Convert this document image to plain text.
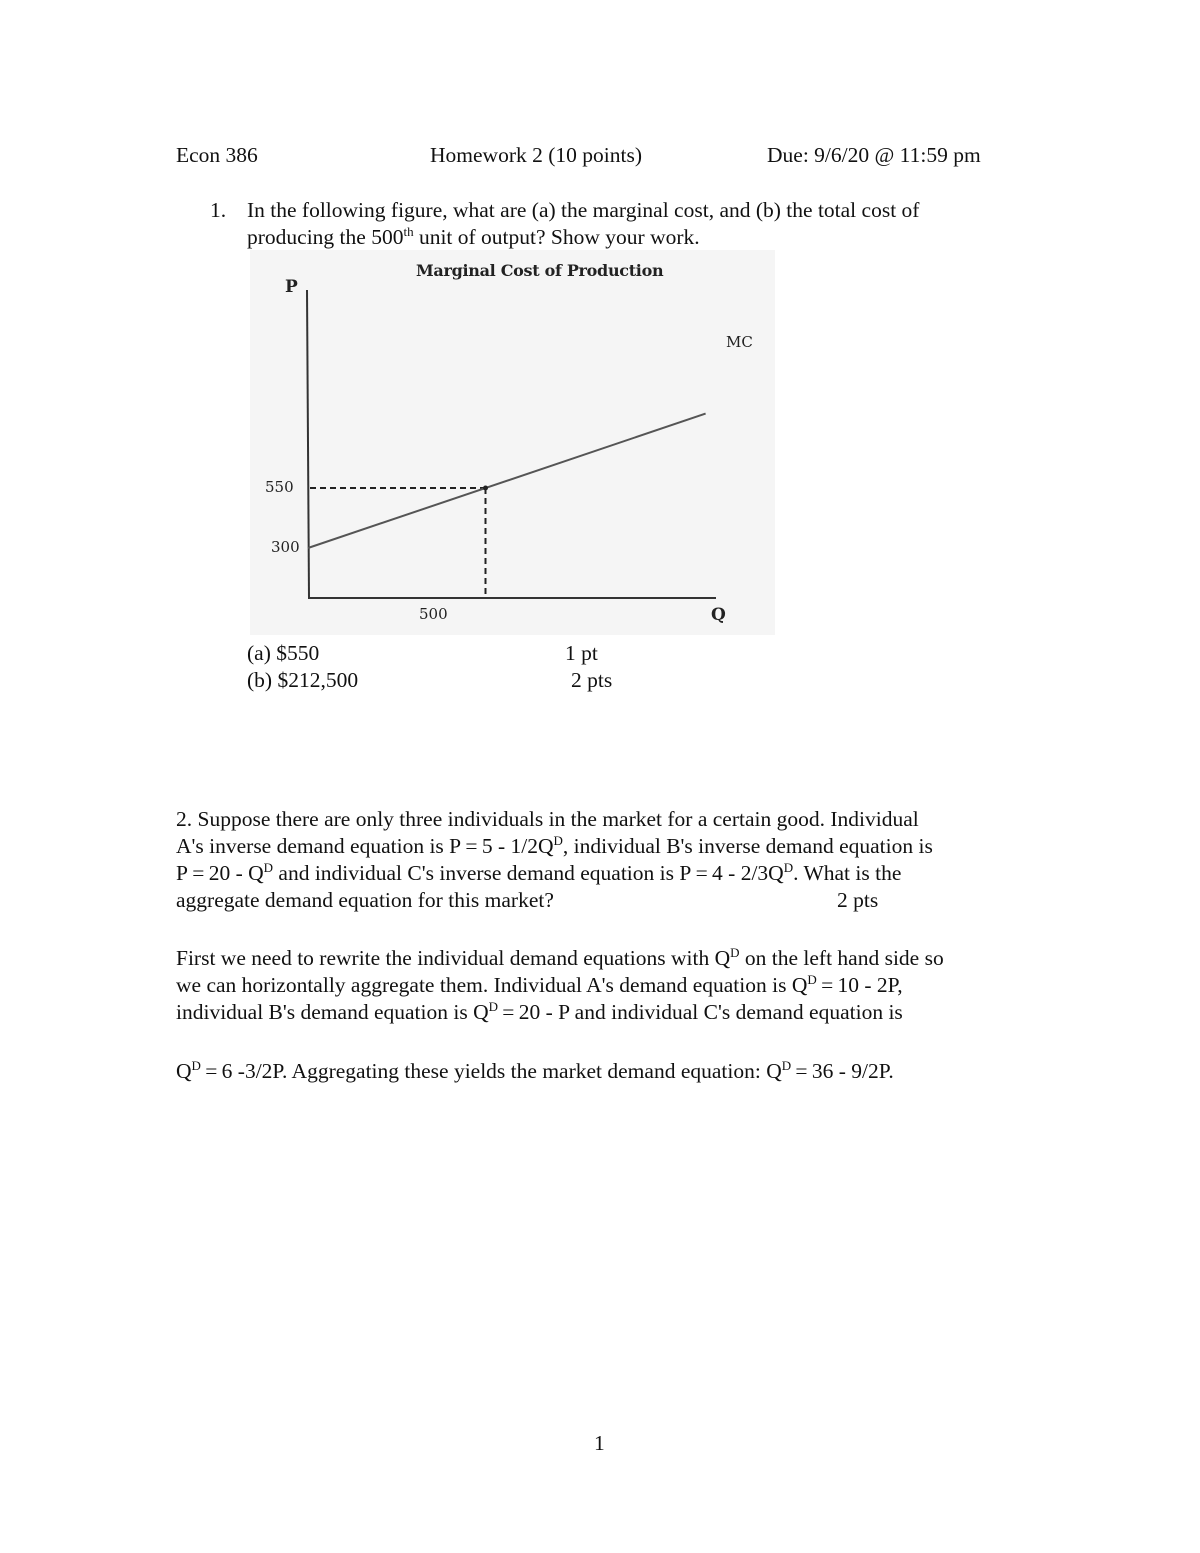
Econ 386	Homework 2 (10 points)	Due: 9/6/20 @ 11:59 pm
1. In the following figure, what are (a) the marginal cost, and (b) the total cost of
producing the 500th unit of output? Show your work.
Marginal Cost of Production
P
Q
MC
550
300
500
(a) $550	1 pt
(b) $212,500	2 pts
2. Suppose there are only three individuals in the market for a certain good. Individual
A's inverse demand equation is $P = 5 - 1/2Q^D$, individual B's inverse demand equation is
$P = 20 - Q^D$ and individual C's inverse demand equation is $P = 4 - 2/3Q^D$. What is the
aggregate demand equation for this market?	2 pts
First we need to rewrite the individual demand equations with $Q^D$ on the left hand side so
we can horizontally aggregate them. Individual A's demand equation is $Q^D = 10 - 2P$,
individual B's demand equation is $Q^D = 20 - P$ and individual C's demand equation is
$Q^D = 6$ -3/2P. Aggregating these yields the market demand equation: $Q^D = 36 - 9/2P$.
1
